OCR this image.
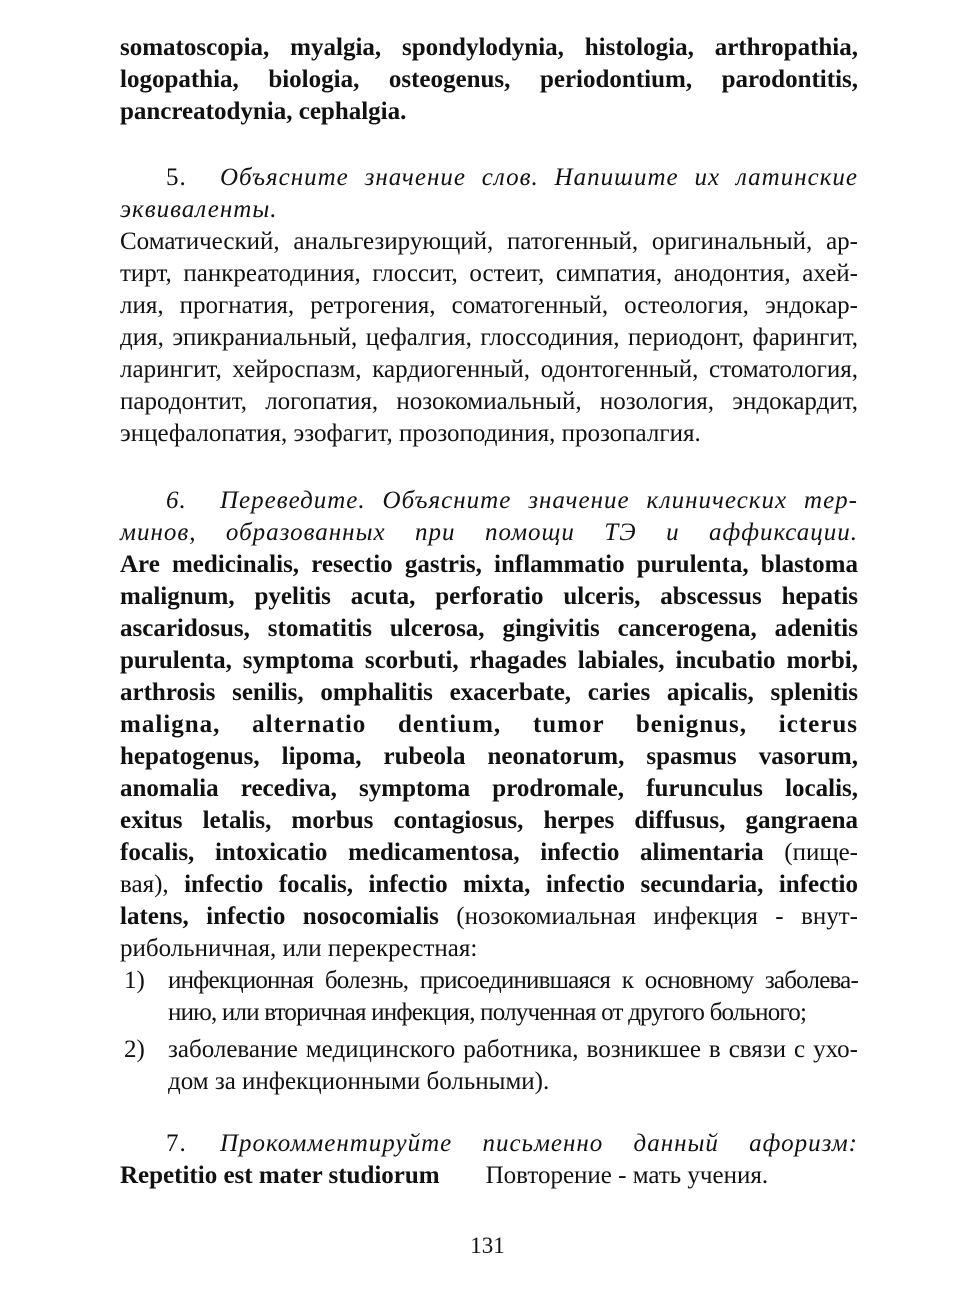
somatoscopia, myalgia, spondylodynia, histologia, arthropathia,
logopathia, biologia, osteogenus, periodontium, parodontitis,
pancreatodynia, cephalgia.
5. Объясните значение слов. Напишите их латинские
эквиваленты.
Соматический, анальгезирующий, патогенный, оригинальный, ар-
тирт, панкреатодиния, глоссит, остеит, симпатия, анодонтия, ахей-
лия, прогнатия, ретрогения, соматогенный, остеология, эндокар-
дия, эпикраниальный, цефалгия, глоссодиния, периодонт, фарингит,
ларингит, хейроспазм, кардиогенный, одонтогенный, стоматология,
пародонтит, логопатия, нозокомиальный, нозология, эндокардит,
энцефалопатия, эзофагит, прозоподиния, прозопалгия.
6. Переведите. Объясните значение клинических тер-
минов, образованных при помощи ТЭ и аффиксации.
Are medicinalis, resectio gastris, inflammatio purulenta, blastoma
malignum, pyelitis acuta, perforatio ulceris, abscessus hepatis
ascaridosus, stomatitis ulcerosa, gingivitis cancerogena, adenitis
purulenta, symptoma scorbuti, rhagades labiales, incubatio morbi,
arthrosis senilis, omphalitis exacerbate, caries apicalis, splenitis
maligna, alternatio dentium, tumor benignus, icterus
hepatogenus, lipoma, rubeola neonatorum, spasmus vasorum,
anomalia recediva, symptoma prodromale, furunculus localis,
exitus letalis, morbus contagiosus, herpes diffusus, gangraena
focalis, intoxicatio medicamentosa, infectio alimentaria (пище-
вая), infectio focalis, infectio mixta, infectio secundaria, infectio
latens, infectio nosocomialis (нозокомиальная инфекция - внут-
рибольничная, или перекрестная:
1) инфекционная болезнь, присоединившаяся к основному заболева-
нию, или вторичная инфекция, полученная от другого больного;
2) заболевание медицинского работника, возникшее в связи с ухо-
дом за инфекционными больными).
7. Прокомментируйте письменно данный афоризм:
Repetitio est mater studiorum Повторение - мать учения.
131
